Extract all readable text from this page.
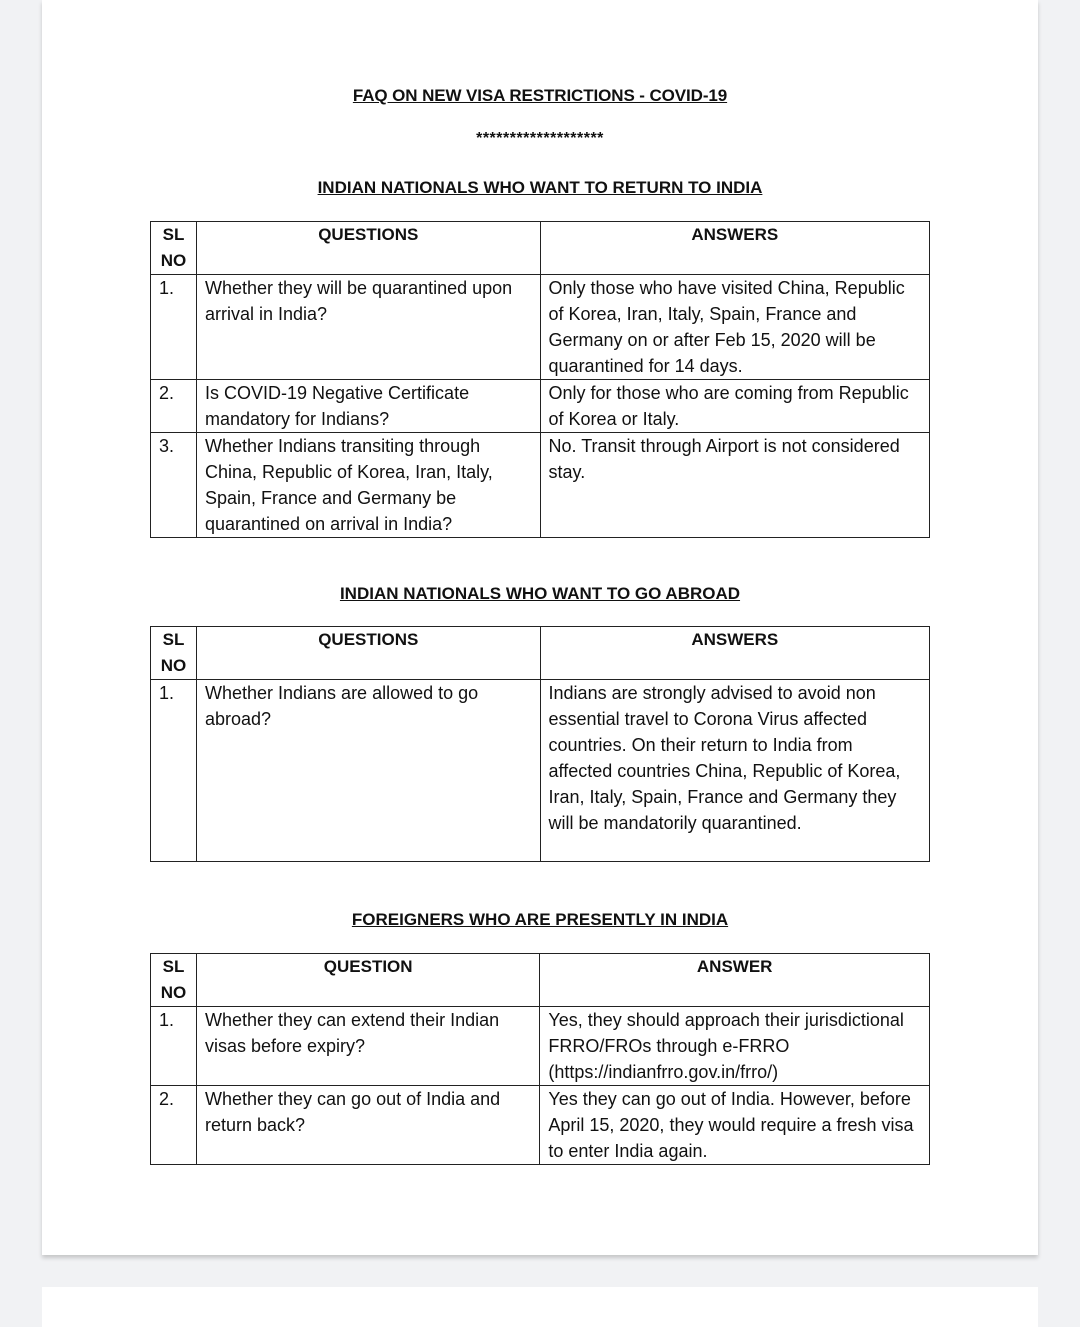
FAQ ON NEW VISA RESTRICTIONS - COVID-19
*******************
INDIAN NATIONALS WHO WANT TO RETURN TO INDIA
SL NO	QUESTIONS	ANSWERS
1.	Whether they will be quarantined upon arrival in India?	Only those who have visited China, Republic of Korea, Iran, Italy, Spain, France and Germany on or after Feb 15, 2020 will be quarantined for 14 days.
2.	Is COVID-19 Negative Certificate mandatory for Indians?	Only for those who are coming from Republic of Korea or Italy.
3.	Whether Indians transiting through China, Republic of Korea, Iran, Italy, Spain, France and Germany be quarantined on arrival in India?	No. Transit through Airport is not considered stay.
INDIAN NATIONALS WHO WANT TO GO ABROAD
SL NO	QUESTIONS	ANSWERS
1.	Whether Indians are allowed to go abroad?	Indians are strongly advised to avoid non essential travel to Corona Virus affected countries. On their return to India from affected countries China, Republic of Korea, Iran, Italy, Spain, France and Germany they will be mandatorily quarantined.
FOREIGNERS WHO ARE PRESENTLY IN INDIA
SL NO	QUESTION	ANSWER
1.	Whether they can extend their Indian visas before expiry?	Yes, they should approach their jurisdictional FRRO/FROs through e-FRRO (https://indianfrro.gov.in/frro/)
2.	Whether they can go out of India and return back?	Yes they can go out of India. However, before April 15, 2020, they would require a fresh visa to enter India again.
